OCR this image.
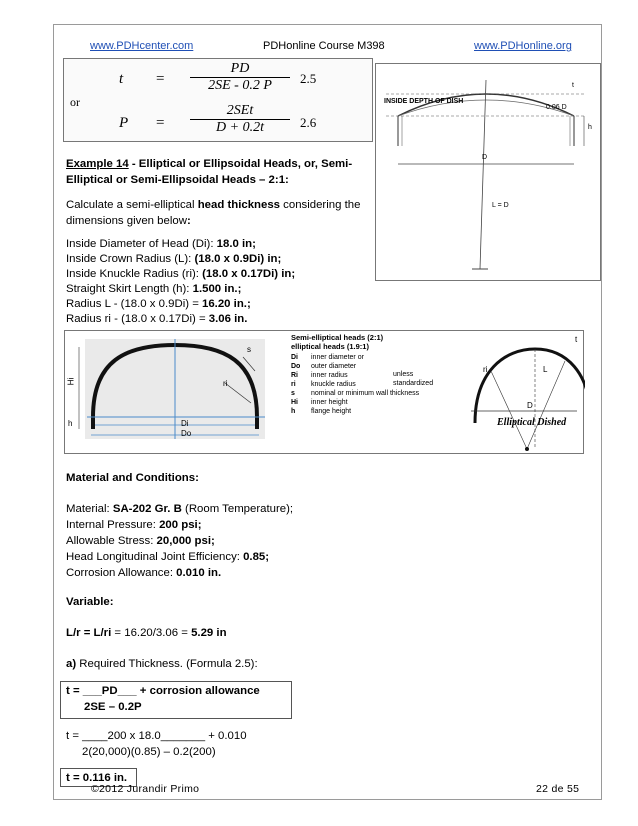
www.PDHcenter.com	PDHonline Course M398	www.PDHonline.org
$t = \frac{PD}{2SE - 0.2 P} 2.5$
or
P =
2SEt
D + 0.2t	2.6
INSIDE DEPTH OF DISH
0.06 D
t
h
D
L = D
Example 14 - Elliptical or Ellipsoidal Heads, or, Semi-
Elliptical or Semi-Ellipsoidal Heads – 2:1:
Calculate a semi-elliptical head thickness considering the
dimensions given below:
Inside Diameter of Head (Di): 18.0 in;
Inside Crown Radius (L): (18.0 x 0.9Di) in;
Inside Knuckle Radius (ri): (18.0 x 0.17Di) in;
Straight Skirt Length (h): 1.500 in.;
Radius L - (18.0 x 0.9Di) = 16.20 in.;
Radius ri - (18.0 x 0.17Di) = 3.06 in.
Hi
h
s
ri
Di
Do
Semi-elliptical heads (2:1)
elliptical heads (1.9:1)
Di inner diameter or
Do outer diameter
Ri inner radius
ri knuckle radius
s nominal or minimum wall thickness
Hi inner height
h flange height
unless
standardized
ri	L
t
D
Elliptical Dished
Material and Conditions:
Material: SA-202 Gr. B (Room Temperature);
Internal Pressure: 200 psi;
Allowable Stress: 20,000 psi;
Head Longitudinal Joint Efficiency: 0.85;
Corrosion Allowance: 0.010 in.
Variable:
L/r = L/ri = 16.20/3.06 = 5.29 in
a) Required Thickness. (Formula 2.5):
t = ___PD___ + corrosion allowance
2SE – 0.2P
t = ____200 x 18.0_______ + 0.010
2(20,000)(0.85) – 0.2(200)
t = 0.116 in.
©2012 Jurandir Primo	22 de 55
